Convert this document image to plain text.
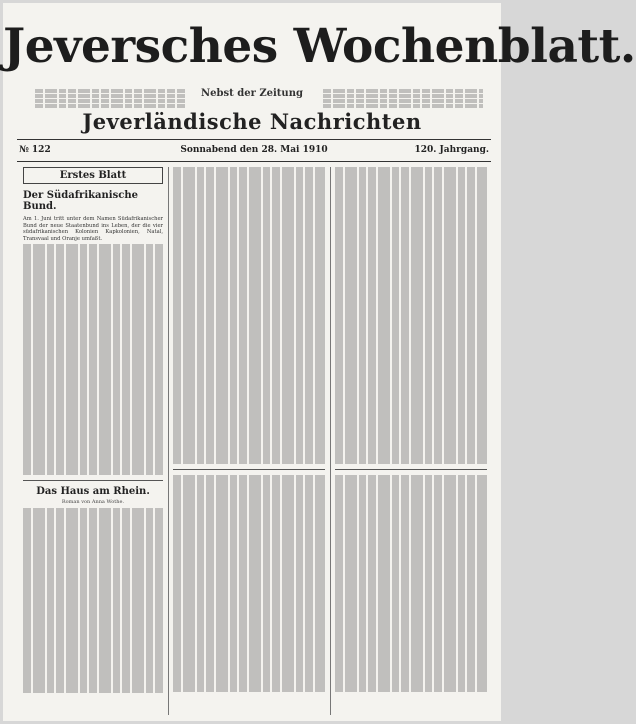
Jeversches Wochenblatt.
Nebst der Zeitung
Jeverländische Nachrichten
№ 122	Sonnabend den 28. Mai 1910	120. Jahrgang.
Erstes Blatt
Der Südafrikanische Bund.

Am 1. Juni tritt unter dem Namen Südafrikanischer Bund der neue Staatenbund ins Leben, der die vier südafrikanischen Kolonien Kapkolonien, Natal, Transvaal und Oranje umfaßt.

Das Haus am Rhein.
Roman von Anna Wothe.
